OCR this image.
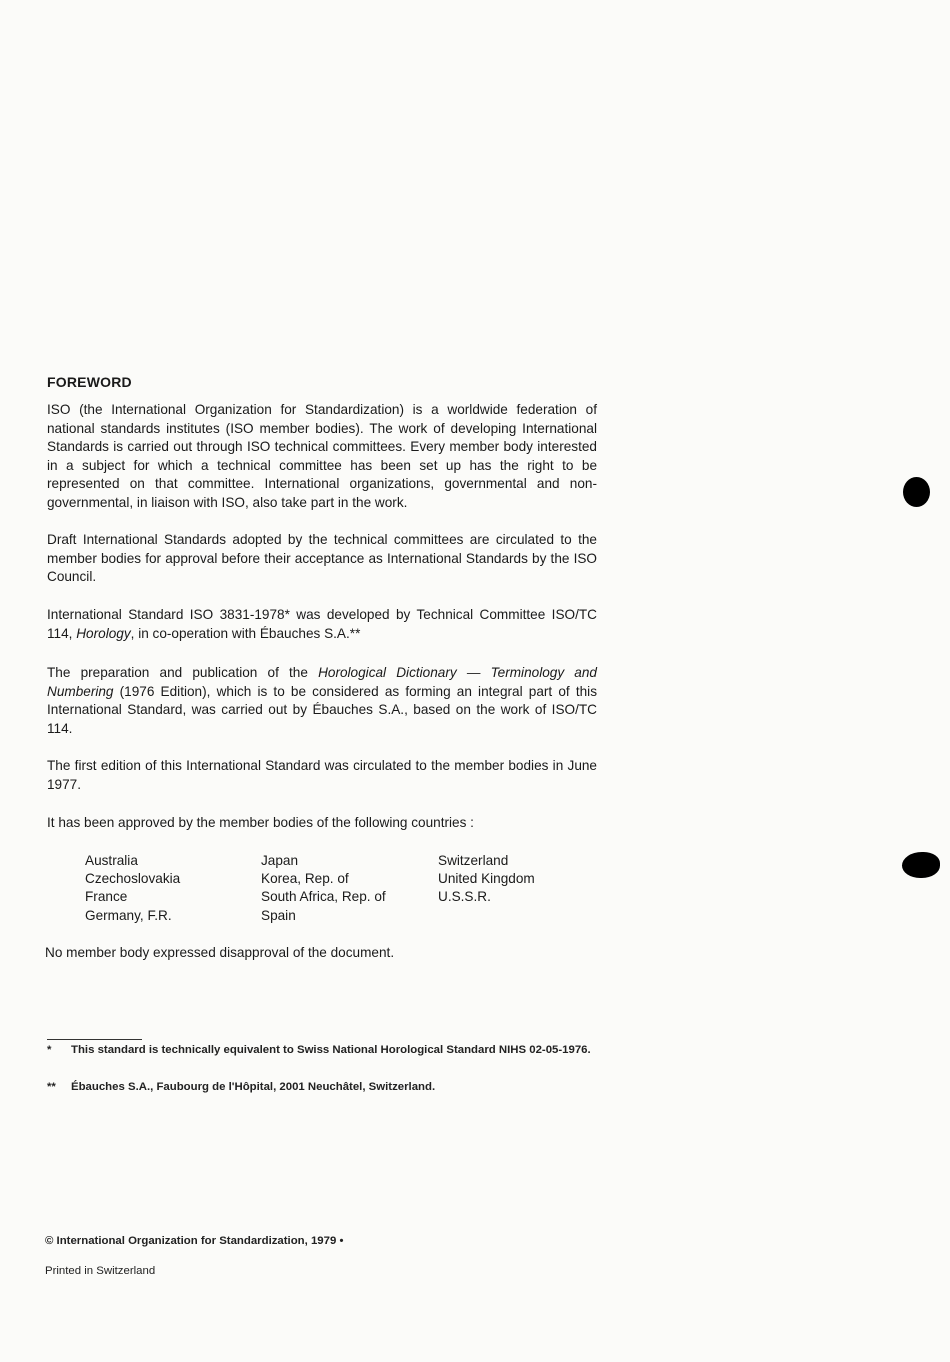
FOREWORD

ISO (the International Organization for Standardization) is a worldwide federation of national standards institutes (ISO member bodies). The work of developing International Standards is carried out through ISO technical committees. Every member body interested in a subject for which a technical committee has been set up has the right to be represented on that committee. International organizations, governmental and non-governmental, in liaison with ISO, also take part in the work.

Draft International Standards adopted by the technical committees are circulated to the member bodies for approval before their acceptance as International Standards by the ISO Council.

International Standard ISO 3831-1978* was developed by Technical Committee ISO/TC 114, Horology, in co-operation with Ébauches S.A.**

The preparation and publication of the Horological Dictionary — Terminology and Numbering (1976 Edition), which is to be considered as forming an integral part of this International Standard, was carried out by Ébauches S.A., based on the work of ISO/TC 114.

The first edition of this International Standard was circulated to the member bodies in June 1977.

It has been approved by the member bodies of the following countries :

Australia
Czechoslovakia
France
Germany, F.R.
Japan
Korea, Rep. of
South Africa, Rep. of
Spain
Switzerland
United Kingdom
U.S.S.R.

No member body expressed disapproval of the document.

* This standard is technically equivalent to Swiss National Horological Standard NIHS 02-05-1976.
** Ébauches S.A., Faubourg de l'Hôpital, 2001 Neuchâtel, Switzerland.
© International Organization for Standardization, 1979 •
Printed in Switzerland
